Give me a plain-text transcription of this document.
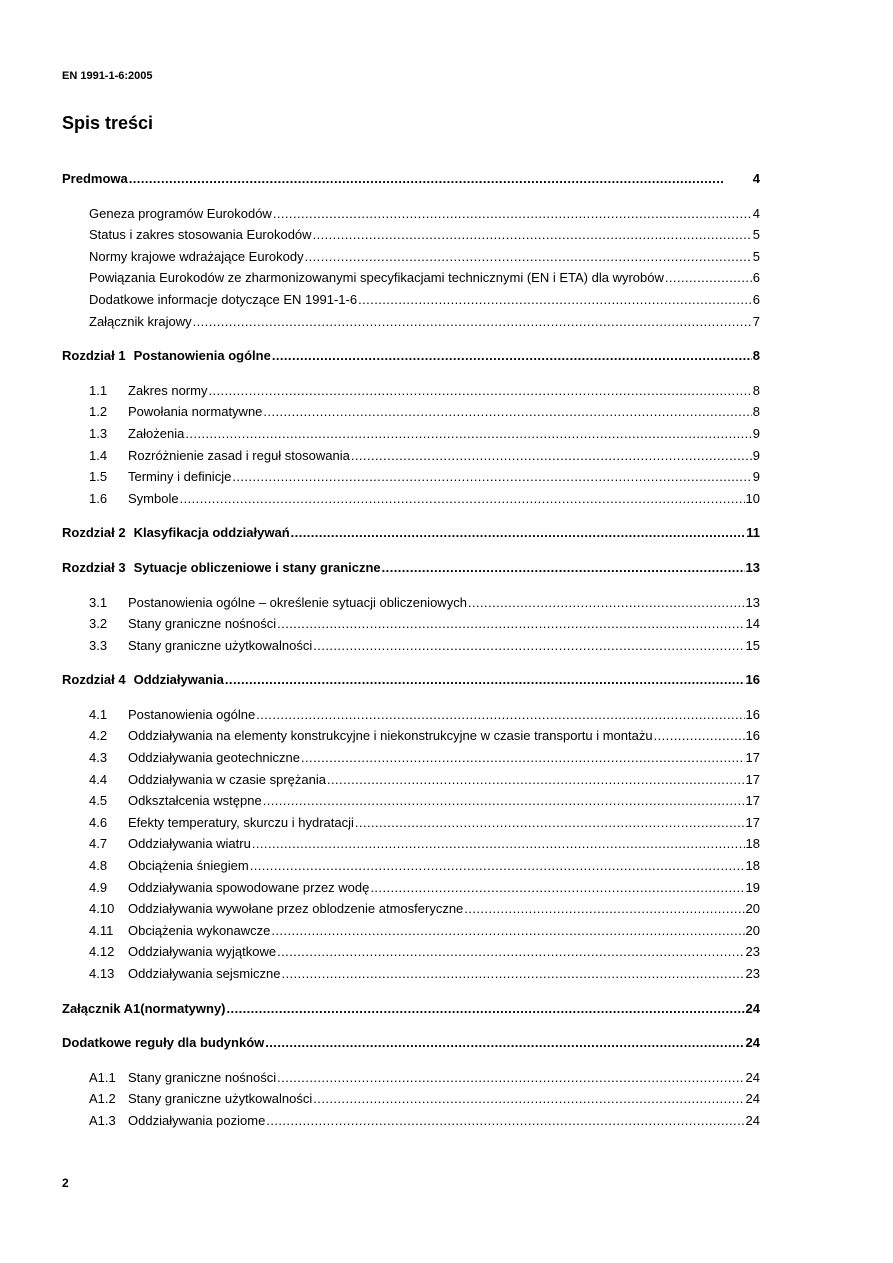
EN 1991-1-6:2005
Spis treści
Predmowa . . .	4
Geneza programów Eurokodów . . .	4
Status i zakres stosowania Eurokodów . . .	5
Normy krajowe wdrażające Eurokody . . .	5
Powiązania Eurokodów ze zharmonizowanymi specyfikacjami technicznymi (EN i ETA) dla wyrobów . . .	6
Dodatkowe informacje dotyczące EN 1991-1-6 . . .	6
Załącznik krajowy . . .	7
Rozdział 1 Postanowienia ogólne . . .	8
1.1	Zakres normy . . .	8
1.2	Powołania normatywne . . .	8
1.3	Założenia . . .	9
1.4	Rozróżnienie zasad i reguł stosowania . . .	9
1.5	Terminy i definicje . . .	9
1.6	Symbole . . .	10
Rozdział 2 Klasyfikacja oddziaływań . . .	11
Rozdział 3 Sytuacje obliczeniowe i stany graniczne . . .	13
3.1	Postanowienia ogólne – określenie sytuacji obliczeniowych . . .	13
3.2	Stany graniczne nośności . . .	14
3.3	Stany graniczne użytkowalności . . .	15
Rozdział 4 Oddziaływania . . .	16
4.1	Postanowienia ogólne . . .	16
4.2	Oddziaływania na elementy konstrukcyjne i niekonstrukcyjne w czasie transportu i montażu . . .	16
4.3	Oddziaływania geotechniczne . . .	17
4.4	Oddziaływania w czasie sprężania . . .	17
4.5	Odkształcenia wstępne . . .	17
4.6	Efekty temperatury, skurczu i hydratacji . . .	17
4.7	Oddziaływania wiatru . . .	18
4.8	Obciążenia śniegiem . . .	18
4.9	Oddziaływania spowodowane przez wodę . . .	19
4.10	Oddziaływania wywołane przez oblodzenie atmosferyczne . . .	20
4.11	Obciążenia wykonawcze . . .	20
4.12	Oddziaływania wyjątkowe . . .	23
4.13	Oddziaływania sejsmiczne . . .	23
Załącznik A1(normatywny) . . .	24
Dodatkowe reguły dla budynków . . .	24
A1.1 Stany graniczne nośności . . .	24
A1.2 Stany graniczne użytkowalności . . .	24
A1.3 Oddziaływania poziome . . .	24
2
